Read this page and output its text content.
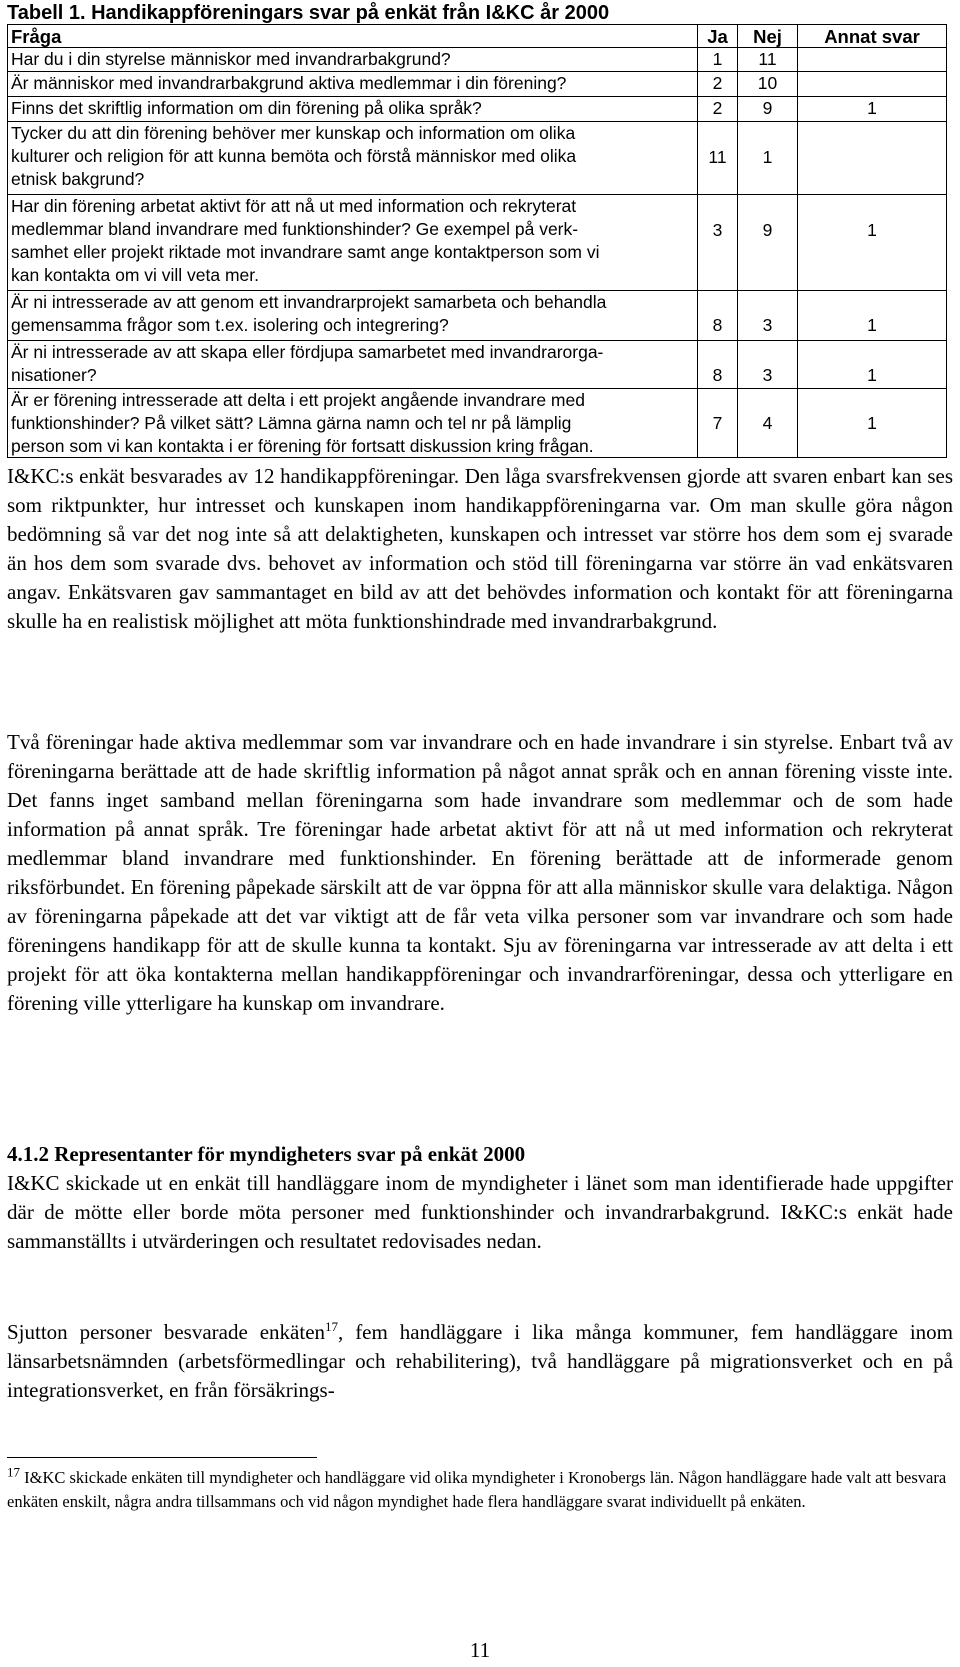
Tabell 1. Handikappföreningars svar på enkät från I&KC år 2000
Fråga	Ja	Nej	Annat svar
Har du i din styrelse människor med invandrarbakgrund?	1	11
Är människor med invandrarbakgrund aktiva medlemmar i din förening?	2	10
Finns det skriftlig information om din förening på olika språk?	2	9	1
Tycker du att din förening behöver mer kunskap och information om olika
kulturer och religion för att kunna bemöta och förstå människor med olika
etnisk bakgrund?
11	1
Har din förening arbetat aktivt för att nå ut med information och rekryterat
medlemmar bland invandrare med funktionshinder? Ge exempel på verk-
samhet eller projekt riktade mot invandrare samt ange kontaktperson som vi
kan kontakta om vi vill veta mer.
3	9	1
Är ni intresserade av att genom ett invandrarprojekt samarbeta och behandla
gemensamma frågor som t.ex. isolering och integrering?	8	3	1
Är ni intresserade av att skapa eller fördjupa samarbetet med invandrarorga-
nisationer?	8	3	1
Är er förening intresserade att delta i ett projekt angående invandrare med
funktionshinder? På vilket sätt? Lämna gärna namn och tel nr på lämplig
person som vi kan kontakta i er förening för fortsatt diskussion kring frågan.
7	4	1

I&KC:s enkät besvarades av 12 handikappföreningar. Den låga svarsfrekvensen gjorde att svaren enbart kan ses som riktpunkter, hur intresset och kunskapen inom handikappföreningarna var. Om man skulle göra någon bedömning så var det nog inte så att delaktigheten, kunskapen och intresset var större hos dem som ej svarade än hos dem som svarade dvs. behovet av information och stöd till föreningarna var större än vad enkätsvaren angav. Enkätsvaren gav sammantaget en bild av att det behövdes information och kontakt för att föreningarna skulle ha en realistisk möjlighet att möta funktionshindrade med invandrarbakgrund.

Två föreningar hade aktiva medlemmar som var invandrare och en hade invandrare i sin styrelse. Enbart två av föreningarna berättade att de hade skriftlig information på något annat språk och en annan förening visste inte. Det fanns inget samband mellan föreningarna som hade invandrare som medlemmar och de som hade information på annat språk. Tre föreningar hade arbetat aktivt för att nå ut med information och rekryterat medlemmar bland invandrare med funktionshinder. En förening berättade att de informerade genom riksförbundet. En förening påpekade särskilt att de var öppna för att alla människor skulle vara delaktiga. Någon av föreningarna påpekade att det var viktigt att de får veta vilka personer som var invandrare och som hade föreningens handikapp för att de skulle kunna ta kontakt. Sju av föreningarna var intresserade av att delta i ett projekt för att öka kontakterna mellan handikappföreningar och invandrarföreningar, dessa och ytterligare en förening ville ytterligare ha kunskap om invandrare.

4.1.2 Representanter för myndigheters svar på enkät 2000

I&KC skickade ut en enkät till handläggare inom de myndigheter i länet som man identifierade hade uppgifter där de mötte eller borde möta personer med funktionshinder och invandrarbakgrund. I&KC:s enkät hade sammanställts i utvärderingen och resultatet redovisades nedan.

Sjutton personer besvarade enkäten$^{17}$, fem handläggare i lika många kommuner, fem handläggare inom länsarbetsnämnden (arbetsförmedlingar och rehabilitering), två handläggare på migrationsverket och en på integrationsverket, en från försäkrings-

$^{17}$ I&KC skickade enkäten till myndigheter och handläggare vid olika myndigheter i Kronobergs län. Någon handläggare hade valt att besvara enkäten enskilt, några andra tillsammans och vid någon myndighet hade flera handläggare svarat individuellt på enkäten.

11
